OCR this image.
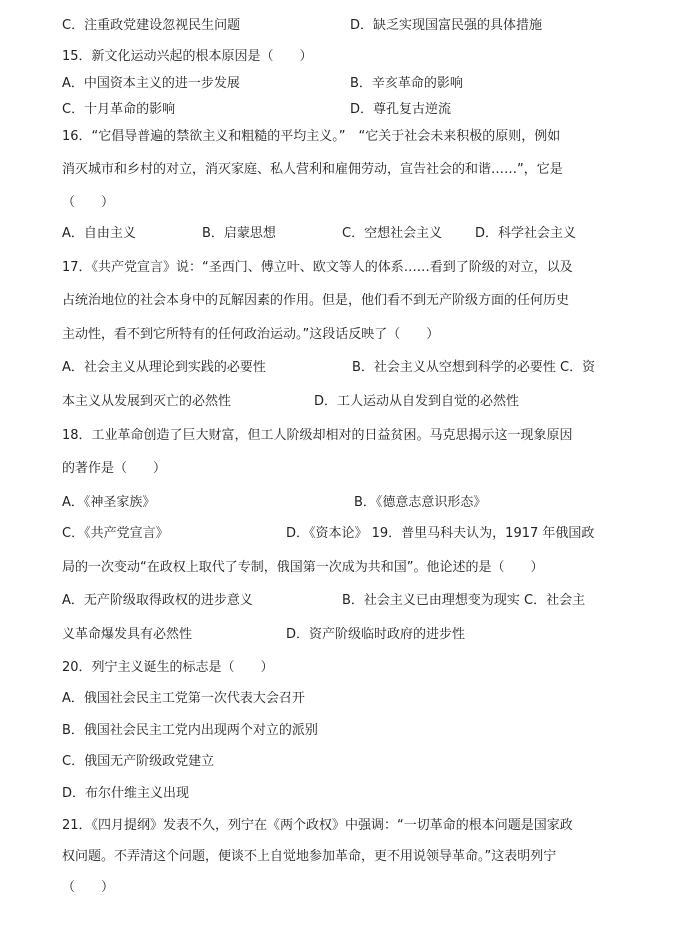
C．注重政党建设忽视民生问题	D．缺乏实现国富民强的具体措施
15．新文化运动兴起的根本原因是（　　）
A．中国资本主义的进一步发展	B．辛亥革命的影响
C．十月革命的影响	D．尊孔复古逆流
16．“它倡导普遍的禁欲主义和粗糙的平均主义。”　“它关于社会未来积极的原则，例如
消灭城市和乡村的对立，消灭家庭、私人营利和雇佣劳动，宣告社会的和谐……”，它是
（　　）
A．自由主义	B．启蒙思想	C．空想社会主义	D．科学社会主义
17．《共产党宣言》说：“圣西门、傅立叶、欧文等人的体系……看到了阶级的对立，以及
占统治地位的社会本身中的瓦解因素的作用。但是，他们看不到无产阶级方面的任何历史
主动性，看不到它所特有的任何政治运动。”这段话反映了（　　）
A．社会主义从理论到实践的必要性	B．社会主义从空想到科学的必要性 C．资
本主义从发展到灭亡的必然性	D．工人运动从自发到自觉的必然性
18．工业革命创造了巨大财富，但工人阶级却相对的日益贫困。马克思揭示这一现象原因
的著作是（　　）
A．《神圣家族》	B．《德意志意识形态》
C．《共产党宣言》	D．《资本论》 19．普里马科夫认为，1917 年俄国政
局的一次变动“在政权上取代了专制，俄国第一次成为共和国”。他论述的是（　　）
A．无产阶级取得政权的进步意义	B．社会主义已由理想变为现实 C．社会主
义革命爆发具有必然性	D．资产阶级临时政府的进步性
20．列宁主义诞生的标志是（　　）
A．俄国社会民主工党第一次代表大会召开
B．俄国社会民主工党内出现两个对立的派别
C．俄国无产阶级政党建立
D．布尔什维主义出现
21．《四月提纲》发表不久，列宁在《两个政权》中强调：“一切革命的根本问题是国家政
权问题。不弄清这个问题，便谈不上自觉地参加革命，更不用说领导革命。”这表明列宁
（　　）
